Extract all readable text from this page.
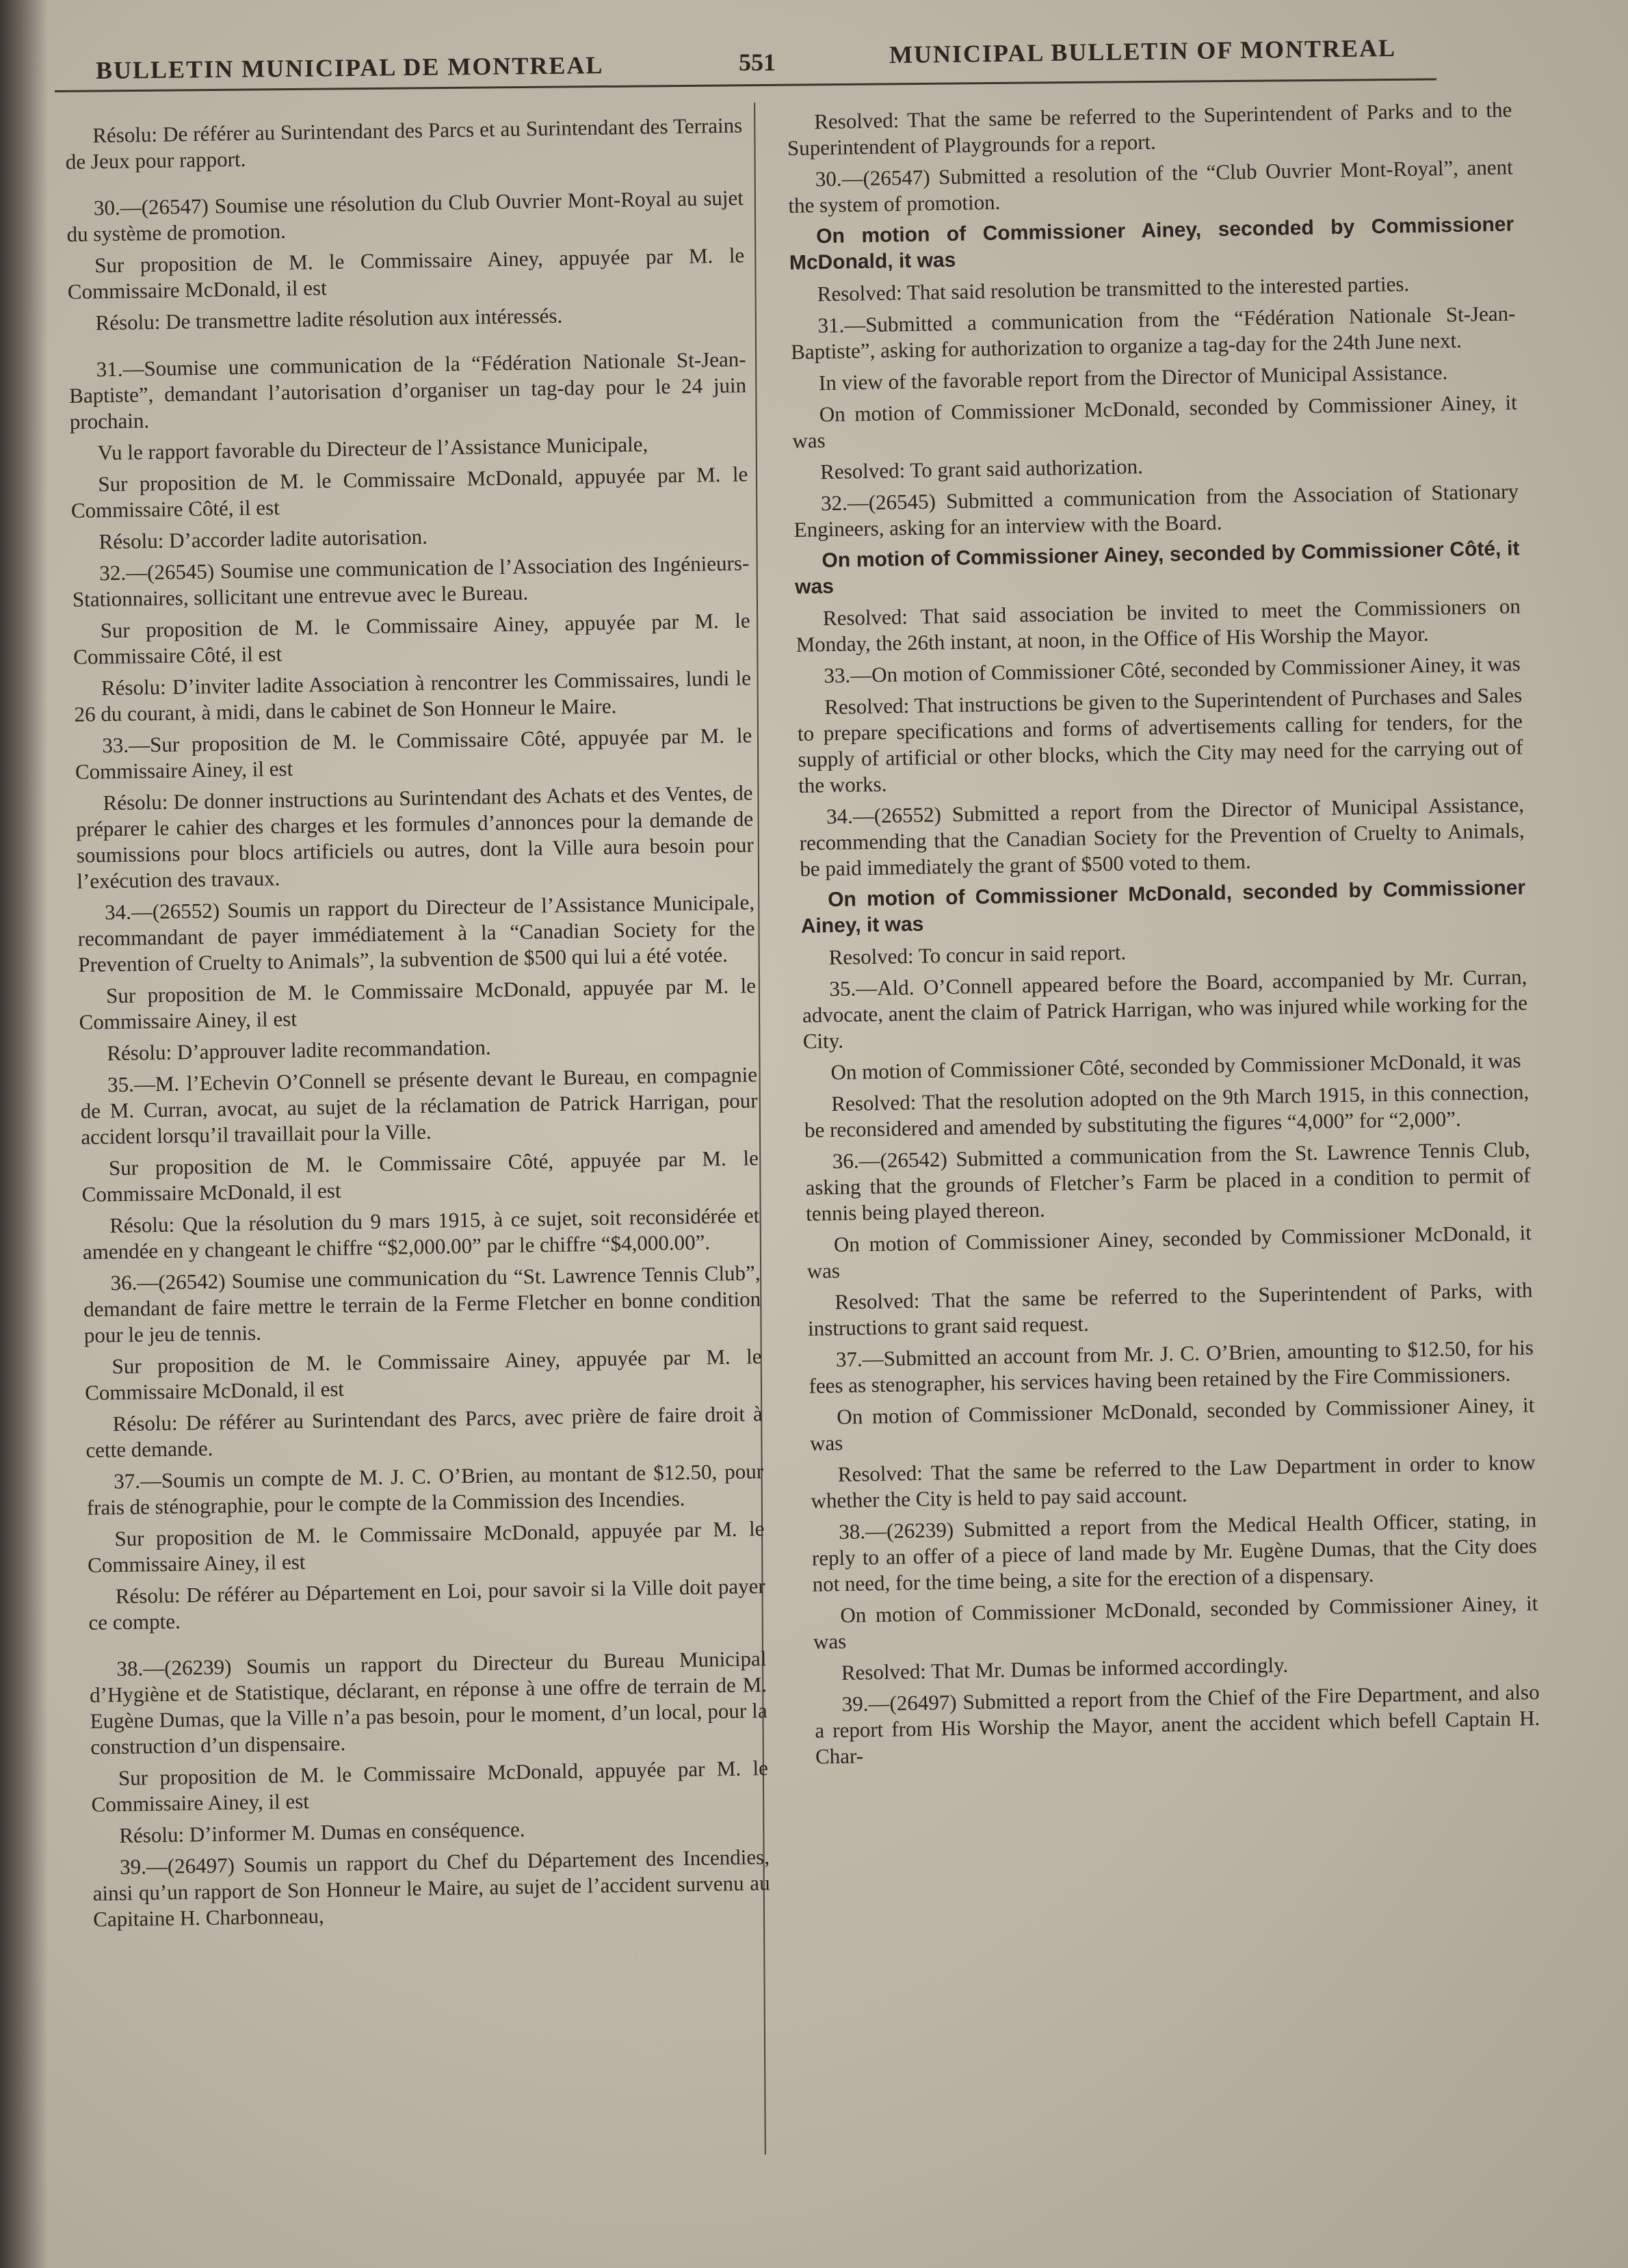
BULLETIN MUNICIPAL DE MONTREAL	551	MUNICIPAL BULLETIN OF MONTREAL

Résolu: De référer au Surintendant des Parcs et au Surintendant des Terrains de Jeux pour rapport.

30.—(26547) Soumise une résolution du Club Ouvrier Mont-Royal au sujet du système de promotion.

Sur proposition de M. le Commissaire Ainey, appuyée par M. le Commissaire McDonald, il est

Résolu: De transmettre ladite résolution aux intéressés.

31.—Soumise une communication de la “Fédération Nationale St-Jean-Baptiste”, demandant l’autorisation d’organiser un tag-day pour le 24 juin prochain.

Vu le rapport favorable du Directeur de l’Assistance Municipale,

Sur proposition de M. le Commissaire McDonald, appuyée par M. le Commissaire Côté, il est

Résolu: D’accorder ladite autorisation.

32.—(26545) Soumise une communication de l’Association des Ingénieurs-Stationnaires, sollicitant une entrevue avec le Bureau.

Sur proposition de M. le Commissaire Ainey, appuyée par M. le Commissaire Côté, il est

Résolu: D’inviter ladite Association à rencontrer les Commissaires, lundi le 26 du courant, à midi, dans le cabinet de Son Honneur le Maire.

33.—Sur proposition de M. le Commissaire Côté, appuyée par M. le Commissaire Ainey, il est

Résolu: De donner instructions au Surintendant des Achats et des Ventes, de préparer le cahier des charges et les formules d’annonces pour la demande de soumissions pour blocs artificiels ou autres, dont la Ville aura besoin pour l’exécution des travaux.

34.—(26552) Soumis un rapport du Directeur de l’Assistance Municipale, recommandant de payer immédiatement à la “Canadian Society for the Prevention of Cruelty to Animals”, la subvention de $500 qui lui a été votée.

Sur proposition de M. le Commissaire McDonald, appuyée par M. le Commissaire Ainey, il est

Résolu: D’approuver ladite recommandation.

35.—M. l’Echevin O’Connell se présente devant le Bureau, en compagnie de M. Curran, avocat, au sujet de la réclamation de Patrick Harrigan, pour accident lorsqu’il travaillait pour la Ville.

Sur proposition de M. le Commissaire Côté, appuyée par M. le Commissaire McDonald, il est

Résolu: Que la résolution du 9 mars 1915, à ce sujet, soit reconsidérée et amendée en y changeant le chiffre “$2,000.00” par le chiffre “$4,000.00”.

36.—(26542) Soumise une communication du “St. Lawrence Tennis Club”, demandant de faire mettre le terrain de la Ferme Fletcher en bonne condition pour le jeu de tennis.

Sur proposition de M. le Commissaire Ainey, appuyée par M. le Commissaire McDonald, il est

Résolu: De référer au Surintendant des Parcs, avec prière de faire droit à cette demande.

37.—Soumis un compte de M. J. C. O’Brien, au montant de $12.50, pour frais de sténographie, pour le compte de la Commission des Incendies.

Sur proposition de M. le Commissaire McDonald, appuyée par M. le Commissaire Ainey, il est

Résolu: De référer au Département en Loi, pour savoir si la Ville doit payer ce compte.

38.—(26239) Soumis un rapport du Directeur du Bureau Municipal d’Hygiène et de Statistique, déclarant, en réponse à une offre de terrain de M. Eugène Dumas, que la Ville n’a pas besoin, pour le moment, d’un local, pour la construction d’un dispensaire.

Sur proposition de M. le Commissaire McDonald, appuyée par M. le Commissaire Ainey, il est

Résolu: D’informer M. Dumas en conséquence.

39.—(26497) Soumis un rapport du Chef du Département des Incendies, ainsi qu’un rapport de Son Honneur le Maire, au sujet de l’accident survenu au Capitaine H. Charbonneau,

Resolved: That the same be referred to the Superintendent of Parks and to the Superintendent of Playgrounds for a report.

30.—(26547) Submitted a resolution of the “Club Ouvrier Mont-Royal”, anent the system of promotion.

On motion of Commissioner Ainey, seconded by Commissioner McDonald, it was

Resolved: That said resolution be transmitted to the interested parties.

31.—Submitted a communication from the “Fédération Nationale St-Jean-Baptiste”, asking for authorization to organize a tag-day for the 24th June next.

In view of the favorable report from the Director of Municipal Assistance.

On motion of Commissioner McDonald, seconded by Commissioner Ainey, it was

Resolved: To grant said authorization.

32.—(26545) Submitted a communication from the Association of Stationary Engineers, asking for an interview with the Board.

On motion of Commissioner Ainey, seconded by Commissioner Côté, it was

Resolved: That said association be invited to meet the Commissioners on Monday, the 26th instant, at noon, in the Office of His Worship the Mayor.

33.—On motion of Commissioner Côté, seconded by Commissioner Ainey, it was

Resolved: That instructions be given to the Superintendent of Purchases and Sales to prepare specifications and forms of advertisements calling for tenders, for the supply of artificial or other blocks, which the City may need for the carrying out of the works.

34.—(26552) Submitted a report from the Director of Municipal Assistance, recommending that the Canadian Society for the Prevention of Cruelty to Animals, be paid immediately the grant of $500 voted to them.

On motion of Commissioner McDonald, seconded by Commissioner Ainey, it was

Resolved: To concur in said report.

35.—Ald. O’Connell appeared before the Board, accompanied by Mr. Curran, advocate, anent the claim of Patrick Harrigan, who was injured while working for the City.

On motion of Commissioner Côté, seconded by Commissioner McDonald, it was

Resolved: That the resolution adopted on the 9th March 1915, in this connection, be reconsidered and amended by substituting the figures “4,000” for “2,000”.

36.—(26542) Submitted a communication from the St. Lawrence Tennis Club, asking that the grounds of Fletcher’s Farm be placed in a condition to permit of tennis being played thereon.

On motion of Commissioner Ainey, seconded by Commissioner McDonald, it was

Resolved: That the same be referred to the Superintendent of Parks, with instructions to grant said request.

37.—Submitted an account from Mr. J. C. O’Brien, amounting to $12.50, for his fees as stenographer, his services having been retained by the Fire Commissioners.

On motion of Commissioner McDonald, seconded by Commissioner Ainey, it was

Resolved: That the same be referred to the Law Department in order to know whether the City is held to pay said account.

38.—(26239) Submitted a report from the Medical Health Officer, stating, in reply to an offer of a piece of land made by Mr. Eugène Dumas, that the City does not need, for the time being, a site for the erection of a dispensary.

On motion of Commissioner McDonald, seconded by Commissioner Ainey, it was

Resolved: That Mr. Dumas be informed accordingly.

39.—(26497) Submitted a report from the Chief of the Fire Department, and also a report from His Worship the Mayor, anent the accident which befell Captain H. Char-
